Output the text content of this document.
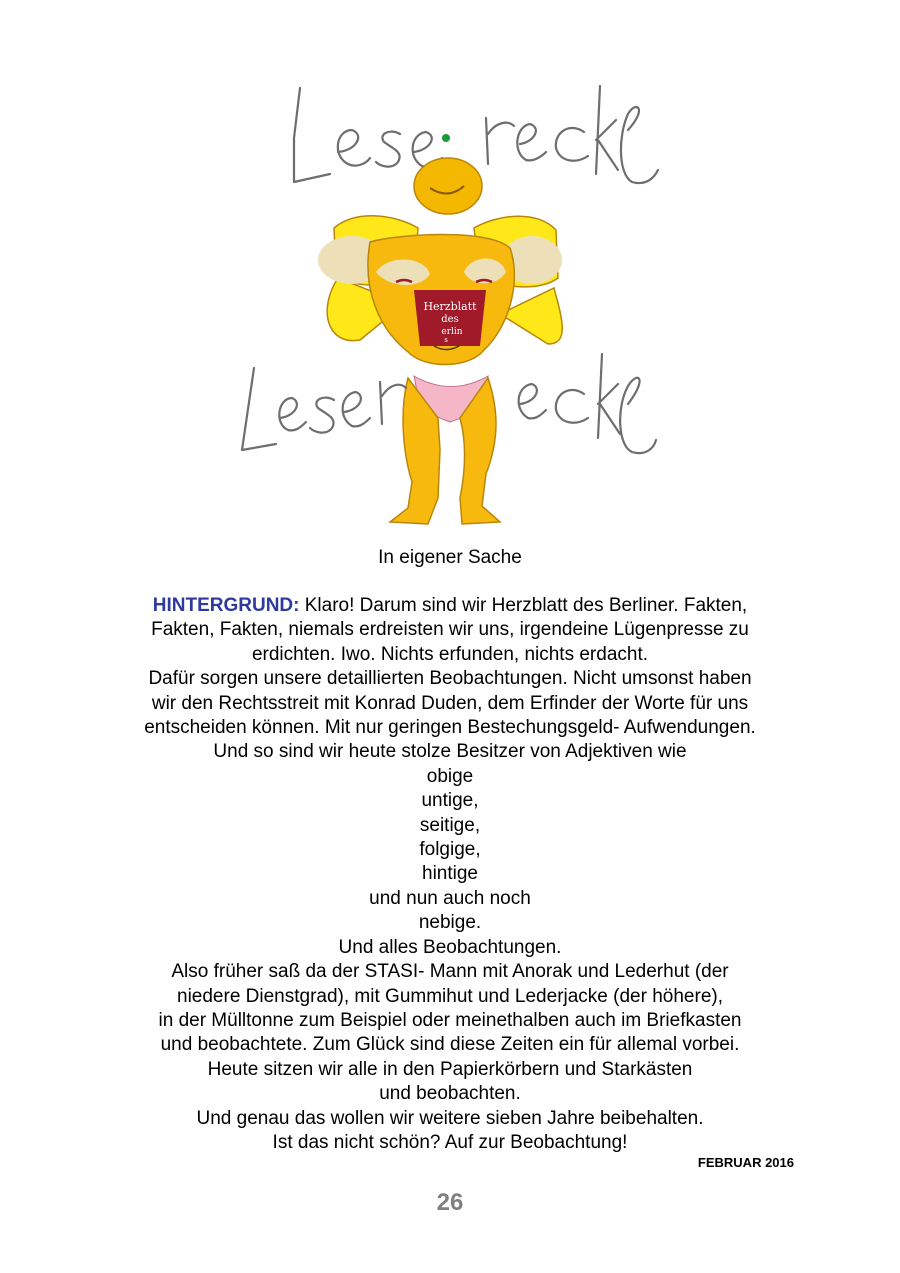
Herzblatt
des
erlin
s
In eigener Sache

HINTERGRUND: Klaro! Darum sind wir Herzblatt des Berliner. Fakten,

Fakten, Fakten, niemals erdreisten wir uns, irgendeine Lügenpresse zu

erdichten. Iwo. Nichts erfunden, nichts erdacht.

Dafür sorgen unsere detaillierten Beobachtungen. Nicht umsonst haben

wir den Rechtsstreit mit Konrad Duden, dem Erfinder der Worte für uns

entscheiden können. Mit nur geringen Bestechungsgeld- Aufwendungen.

Und so sind wir heute stolze Besitzer von Adjektiven wie

obige

untige,

seitige,

folgige,

hintige

und nun auch noch

nebige.

Und alles Beobachtungen.

Also früher saß da der STASI- Mann mit Anorak und Lederhut (der

niedere Dienstgrad), mit Gummihut und Lederjacke (der höhere),

in der Mülltonne zum Beispiel oder meinethalben auch im Briefkasten

und beobachtete. Zum Glück sind diese Zeiten ein für allemal vorbei.

Heute sitzen wir alle in den Papierkörbern und Starkästen

und beobachten.

Und genau das wollen wir weitere sieben Jahre beibehalten.

Ist das nicht schön? Auf zur Beobachtung!

FEBRUAR 2016
26
